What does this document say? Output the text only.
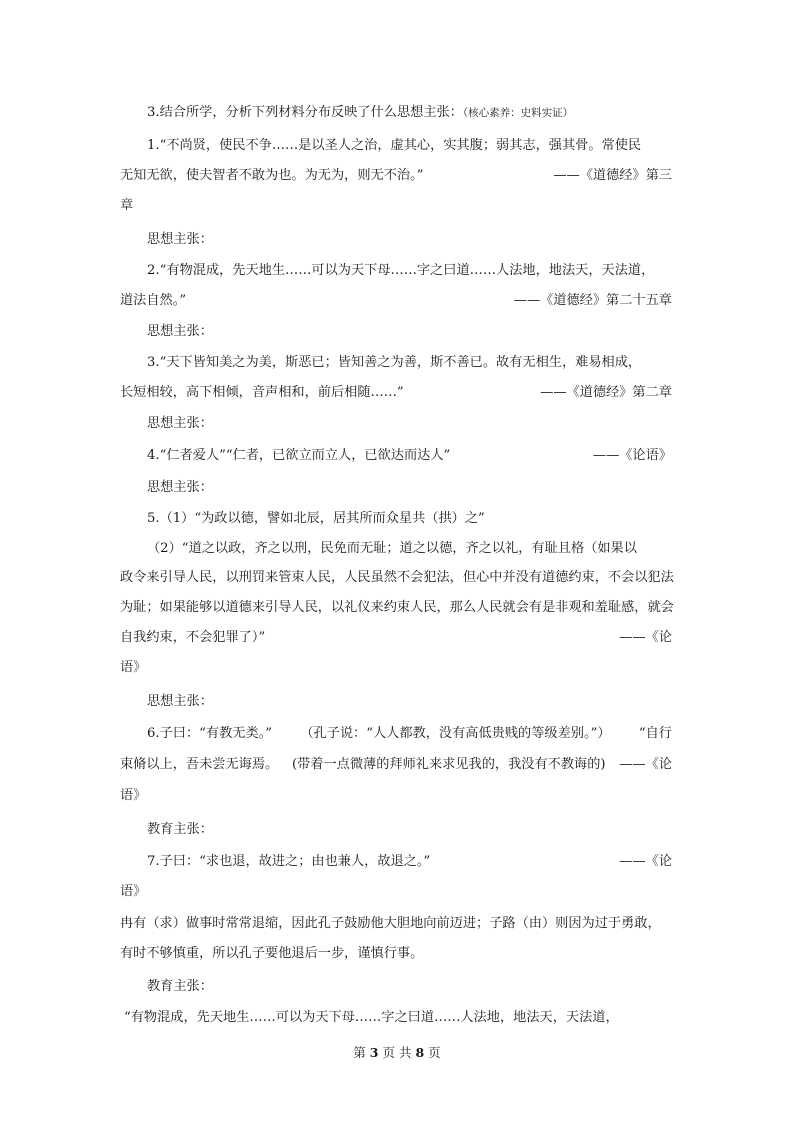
3.结合所学，分析下列材料分布反映了什么思想主张：（核心素养：史料实证）
1.“不尚贤，使民不争……是以圣人之治，虚其心，实其腹；弱其志，强其骨。常使民
无知无欲，使夫智者不敢为也。为无为，则无不治。”	——《道德经》第三
章
思想主张：
2.“有物混成，先天地生……可以为天下母……字之曰道……人法地，地法天，天法道，
道法自然。”	——《道德经》第二十五章
思想主张：
3.“天下皆知美之为美，斯恶已；皆知善之为善，斯不善已。故有无相生，难易相成，
长短相较，高下相倾，音声相和，前后相随……”	——《道德经》第二章
思想主张：
4.“仁者爱人”“仁者，已欲立而立人，已欲达而达人”	——《论语》
思想主张：
5.（1）“为政以德，譬如北辰，居其所而众星共（拱）之”
（2）“道之以政，齐之以刑，民免而无耻；道之以德，齐之以礼，有耻且格（如果以
政令来引导人民，以刑罚来管束人民，人民虽然不会犯法，但心中并没有道德约束，不会以犯法
为耻；如果能够以道德来引导人民，以礼仪来约束人民，那么人民就会有是非观和羞耻感，就会
自我约束，不会犯罪了）”	——《论
语》
思想主张：
6.子曰：“有教无类。” （孔子说：“人人都教，没有高低贵贱的等级差别。”） “自行
束脩以上，吾未尝无诲焉。 (带着一点微薄的拜师礼来求见我的，我没有不教诲的) ——《论
语》
教育主张：
7.子曰：“求也退，故进之；由也兼人，故退之。”	——《论
语》
冉有（求）做事时常常退缩，因此孔子鼓励他大胆地向前迈进；子路（由）则因为过于勇敢，
有时不够慎重，所以孔子要他退后一步，谨慎行事。
教育主张：
“有物混成，先天地生……可以为天下母……字之曰道……人法地，地法天，天法道，
第 3 页 共 8 页
